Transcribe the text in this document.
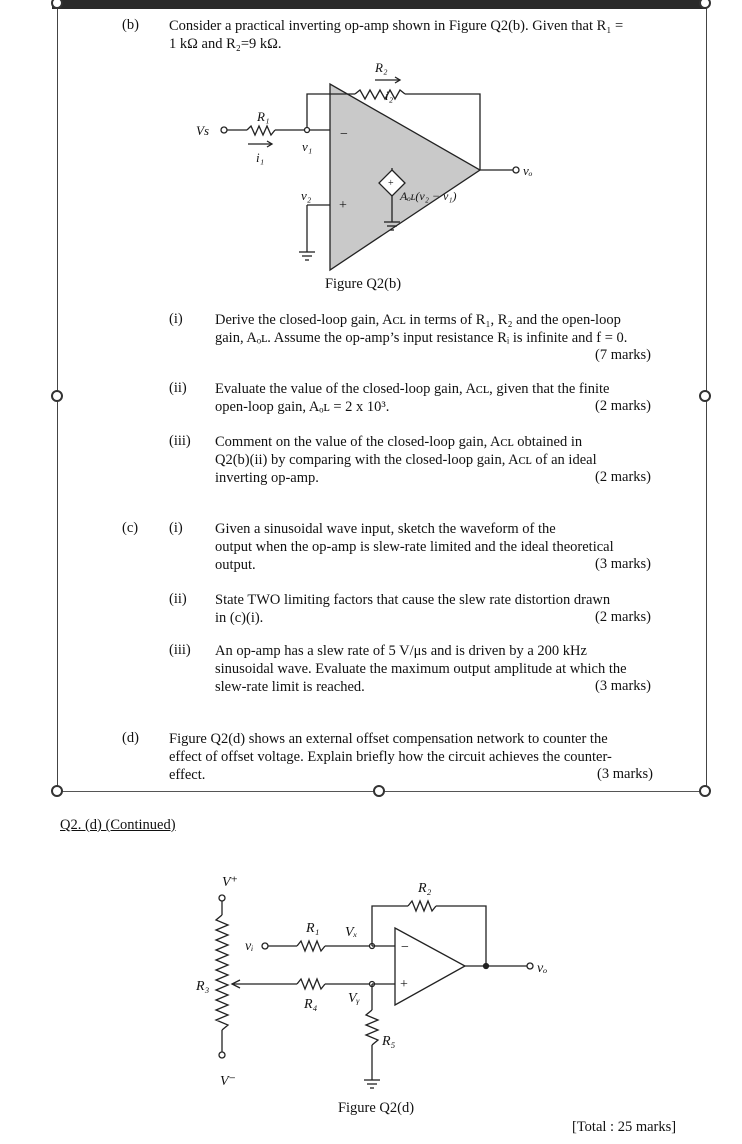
(b) Consider a practical inverting op-amp shown in Figure Q2(b). Given that R₁ =
1 kΩ and R₂=9 kΩ.
R₂
i₂
R₁
i₁
Vs
v₁
v₂
vₒ
Aₒʟ(v₂ − v₁)
−
+
+
Figure Q2(b)
(i) Derive the closed-loop gain, Aᴄʟ in terms of R₁, R₂ and the open-loop
gain, Aₒʟ. Assume the op-amp’s input resistance Rᵢ is infinite and f = 0.
(7 marks)
(ii) Evaluate the value of the closed-loop gain, Aᴄʟ, given that the finite
open-loop gain, Aₒʟ = 2 x 10³.	(2 marks)
(iii) Comment on the value of the closed-loop gain, Aᴄʟ obtained in
Q2(b)(ii) by comparing with the closed-loop gain, Aᴄʟ of an ideal
inverting op-amp.	(2 marks)
(c) (i) Given a sinusoidal wave input, sketch the waveform of the
output when the op-amp is slew-rate limited and the ideal theoretical
output.	(3 marks)
(ii) State TWO limiting factors that cause the slew rate distortion drawn
in (c)(i).	(2 marks)
(iii) An op-amp has a slew rate of 5 V/μs and is driven by a 200 kHz
sinusoidal wave. Evaluate the maximum output amplitude at which the
slew-rate limit is reached.	(3 marks)
(d) Figure Q2(d) shows an external offset compensation network to counter the
effect of offset voltage. Explain briefly how the circuit achieves the counter-
effect.	(3 marks)
Q2. (d) (Continued)
V⁺
V⁻
R₃
R₁
R₂
R₄
R₅
Vₓ
Vᵧ
vᵢ
vₒ
−
+
Figure Q2(d)
[Total : 25 marks]
